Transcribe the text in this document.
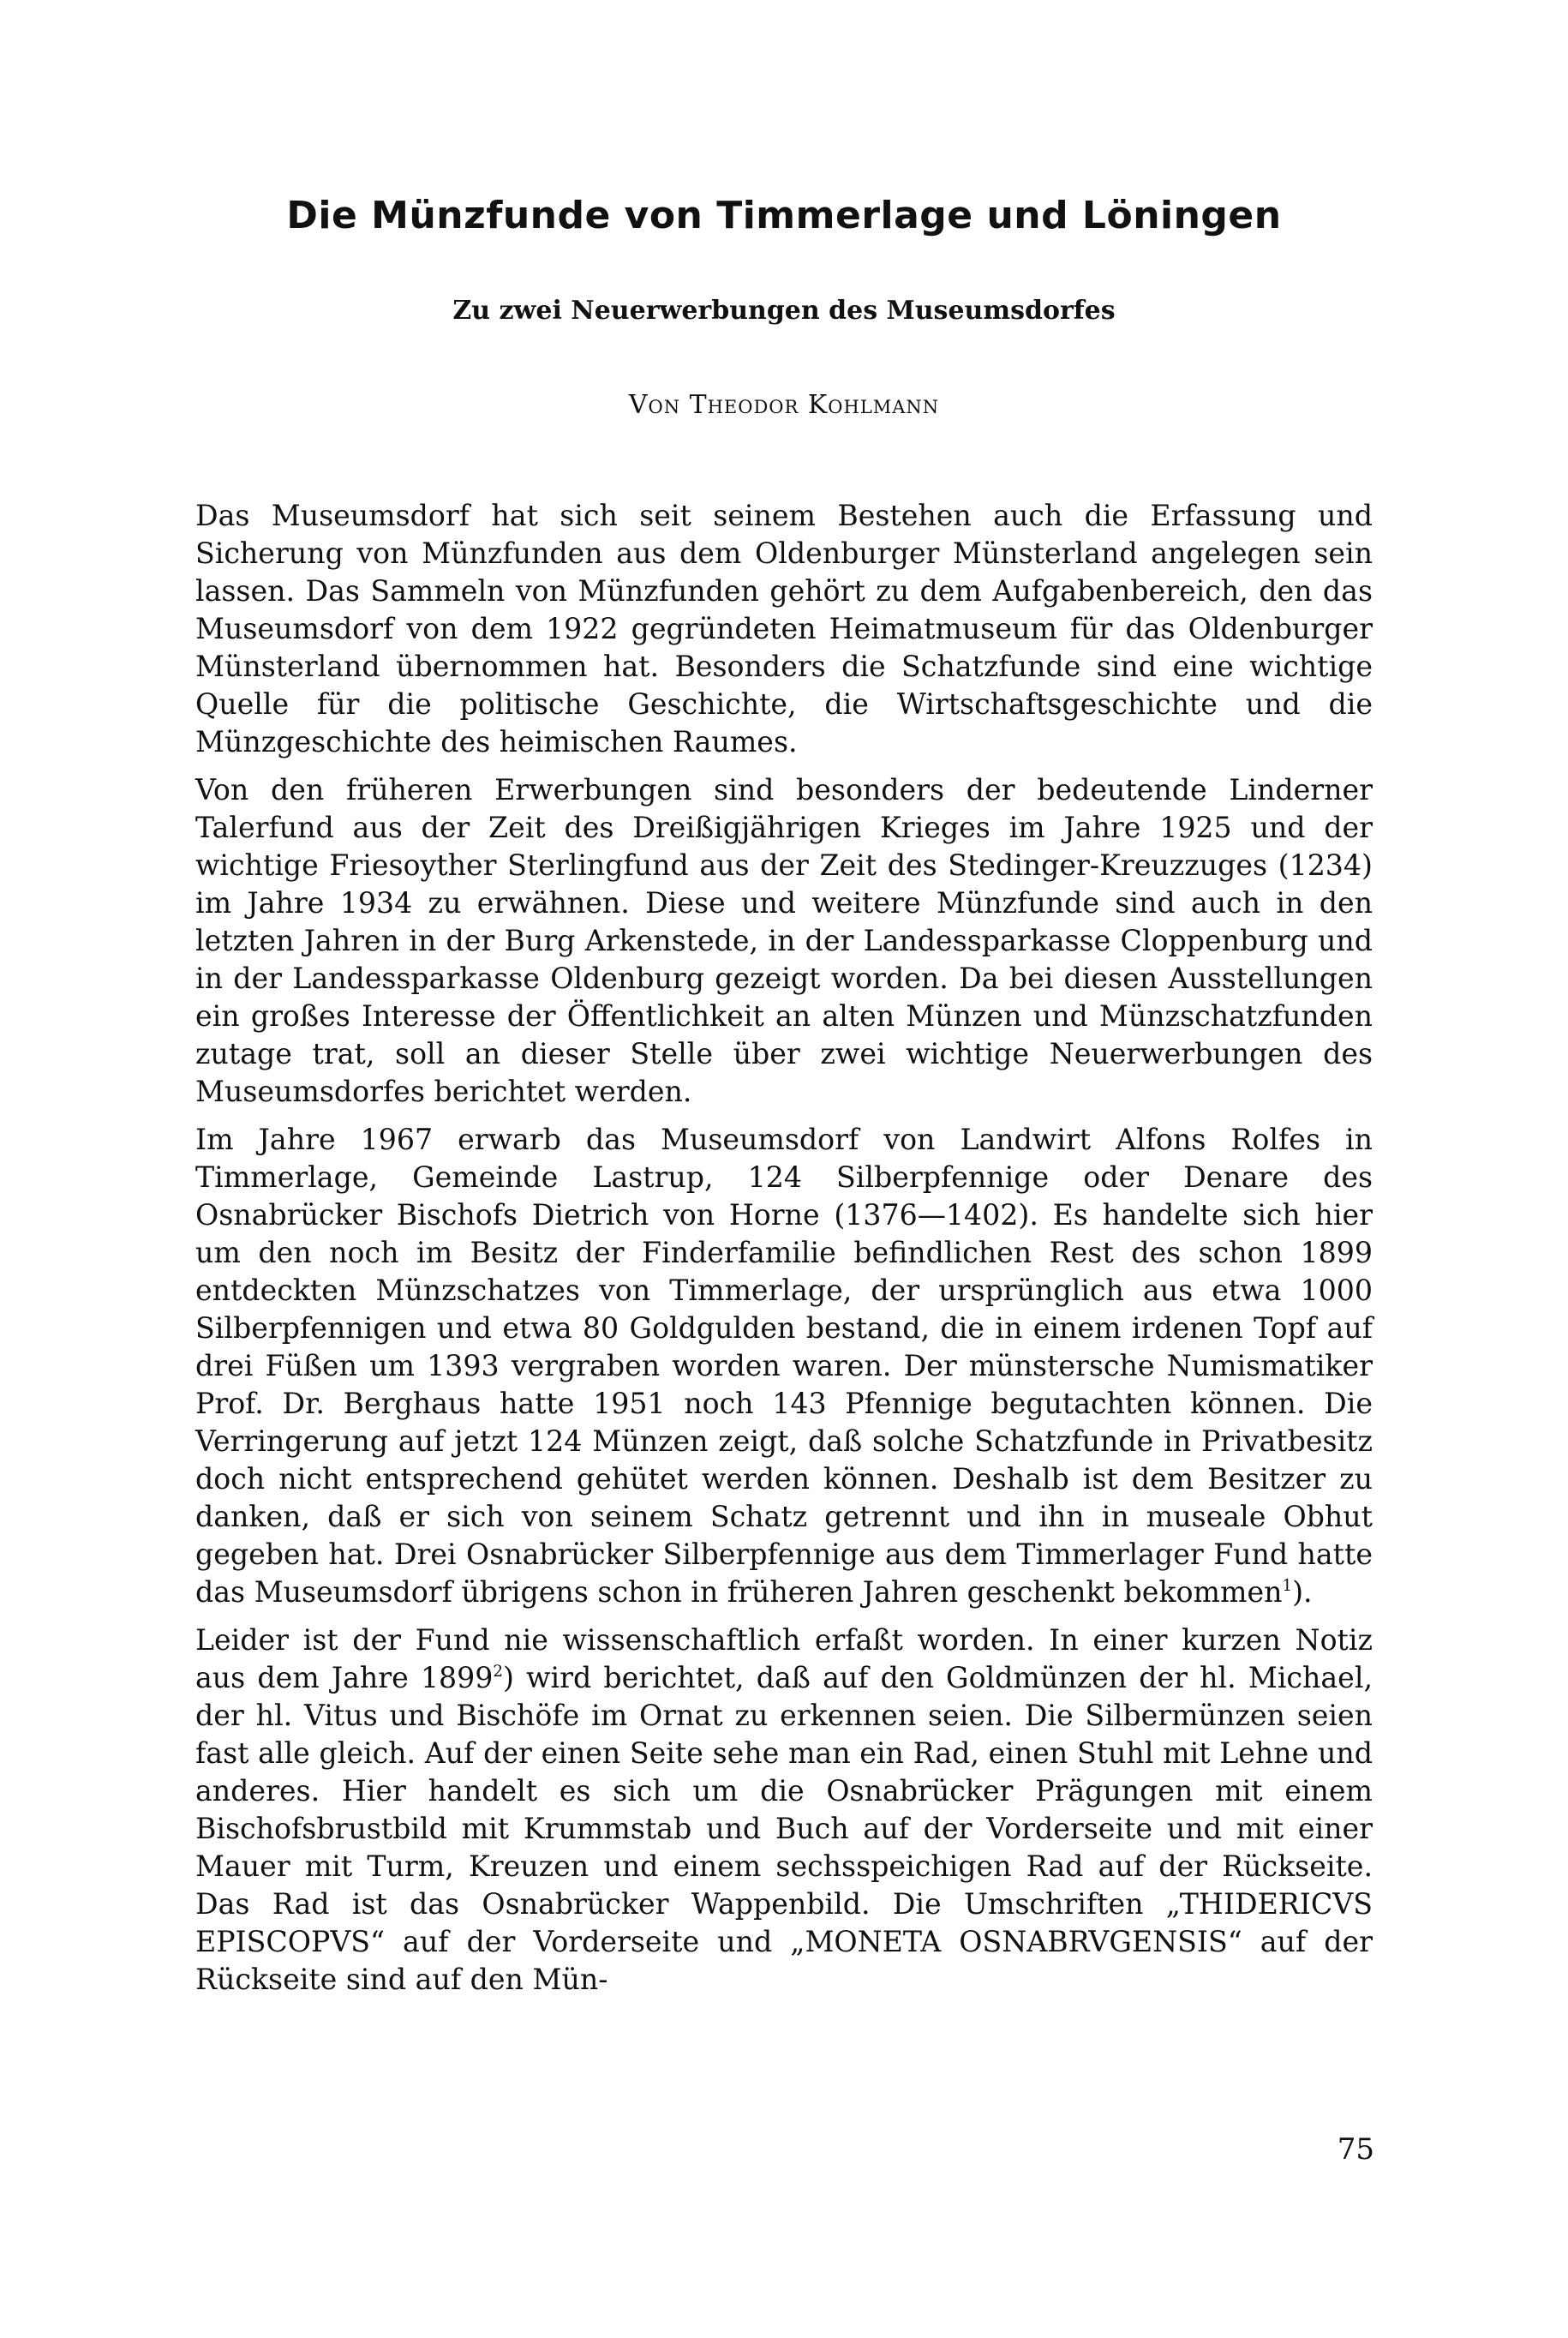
Die Münzfunde von Timmerlage und Löningen
Zu zwei Neuerwerbungen des Museumsdorfes
Von Theodor Kohlmann

Das Museumsdorf hat sich seit seinem Bestehen auch die Erfassung und Sicherung von Münzfunden aus dem Oldenburger Münsterland angelegen sein lassen. Das Sammeln von Münzfunden gehört zu dem Aufgabenbereich, den das Museumsdorf von dem 1922 gegründeten Heimatmuseum für das Oldenburger Münsterland übernommen hat. Besonders die Schatzfunde sind eine wichtige Quelle für die politische Geschichte, die Wirtschaftsgeschichte und die Münzgeschichte des heimischen Raumes.

Von den früheren Erwerbungen sind besonders der bedeutende Linderner Talerfund aus der Zeit des Dreißigjährigen Krieges im Jahre 1925 und der wichtige Friesoyther Sterlingfund aus der Zeit des Stedinger-Kreuzzuges (1234) im Jahre 1934 zu erwähnen. Diese und weitere Münzfunde sind auch in den letzten Jahren in der Burg Arkenstede, in der Landessparkasse Cloppenburg und in der Landessparkasse Oldenburg gezeigt worden. Da bei diesen Ausstellungen ein großes Interesse der Öffentlichkeit an alten Münzen und Münzschatzfunden zutage trat, soll an dieser Stelle über zwei wichtige Neuerwerbungen des Museumsdorfes berichtet werden.

Im Jahre 1967 erwarb das Museumsdorf von Landwirt Alfons Rolfes in Timmerlage, Gemeinde Lastrup, 124 Silberpfennige oder Denare des Osnabrücker Bischofs Dietrich von Horne (1376—1402). Es handelte sich hier um den noch im Besitz der Finderfamilie befindlichen Rest des schon 1899 entdeckten Münzschatzes von Timmerlage, der ursprünglich aus etwa 1000 Silberpfennigen und etwa 80 Goldgulden bestand, die in einem irdenen Topf auf drei Füßen um 1393 vergraben worden waren. Der münstersche Numismatiker Prof. Dr. Berghaus hatte 1951 noch 143 Pfennige begutachten können. Die Verringerung auf jetzt 124 Münzen zeigt, daß solche Schatzfunde in Privatbesitz doch nicht entsprechend gehütet werden können. Deshalb ist dem Besitzer zu danken, daß er sich von seinem Schatz getrennt und ihn in museale Obhut gegeben hat. Drei Osnabrücker Silberpfennige aus dem Timmerlager Fund hatte das Museumsdorf übrigens schon in früheren Jahren geschenkt bekommen$^1$).

Leider ist der Fund nie wissenschaftlich erfaßt worden. In einer kurzen Notiz aus dem Jahre 1899$^2$) wird berichtet, daß auf den Goldmünzen der hl. Michael, der hl. Vitus und Bischöfe im Ornat zu erkennen seien. Die Silbermünzen seien fast alle gleich. Auf der einen Seite sehe man ein Rad, einen Stuhl mit Lehne und anderes. Hier handelt es sich um die Osnabrücker Prägungen mit einem Bischofsbrustbild mit Krummstab und Buch auf der Vorderseite und mit einer Mauer mit Turm, Kreuzen und einem sechsspeichigen Rad auf der Rückseite. Das Rad ist das Osnabrücker Wappenbild. Die Umschriften „THIDERICVS EPISCOPVS“ auf der Vorderseite und „MONETA OSNABRVGENSIS“ auf der Rückseite sind auf den Mün-

75
